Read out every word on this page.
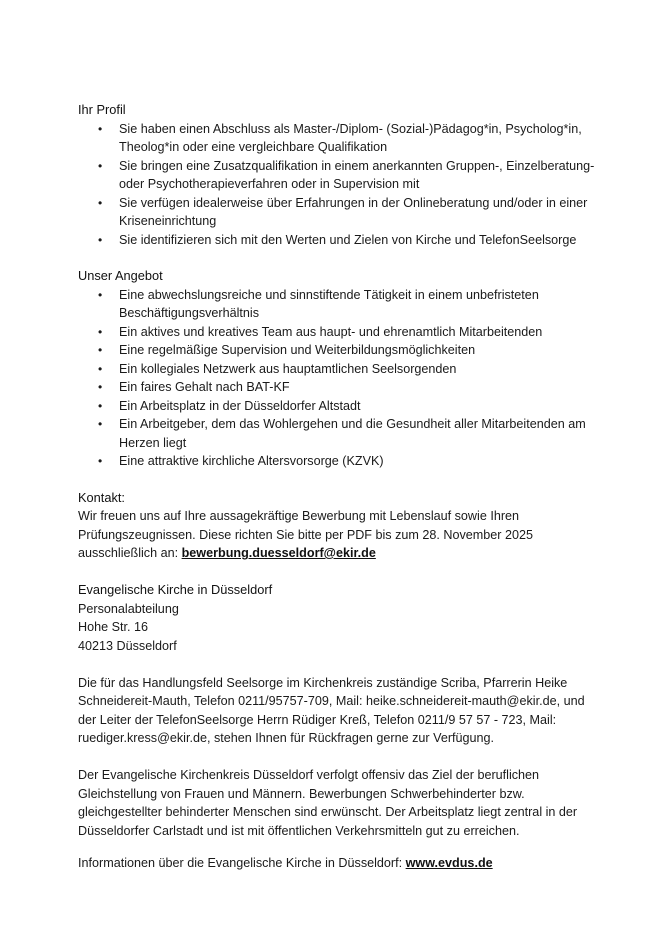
Ihr Profil
• Sie haben einen Abschluss als Master-/Diplom- (Sozial-)Pädagog*in, Psycholog*in, Theolog*in oder eine vergleichbare Qualifikation
• Sie bringen eine Zusatzqualifikation in einem anerkannten Gruppen-, Einzelberatung- oder Psychotherapieverfahren oder in Supervision mit
• Sie verfügen idealerweise über Erfahrungen in der Onlineberatung und/oder in einer Kriseneinrichtung
• Sie identifizieren sich mit den Werten und Zielen von Kirche und TelefonSeelsorge
Unser Angebot
• Eine abwechslungsreiche und sinnstiftende Tätigkeit in einem unbefristeten Beschäftigungsverhältnis
• Ein aktives und kreatives Team aus haupt- und ehrenamtlich Mitarbeitenden
• Eine regelmäßige Supervision und Weiterbildungsmöglichkeiten
• Ein kollegiales Netzwerk aus hauptamtlichen Seelsorgenden
• Ein faires Gehalt nach BAT-KF
• Ein Arbeitsplatz in der Düsseldorfer Altstadt
• Ein Arbeitgeber, dem das Wohlergehen und die Gesundheit aller Mitarbeitenden am Herzen liegt
• Eine attraktive kirchliche Altersvorsorge (KZVK)
Kontakt:

Wir freuen uns auf Ihre aussagekräftige Bewerbung mit Lebenslauf sowie Ihren Prüfungszeugnissen. Diese richten Sie bitte per PDF bis zum 28. November 2025 ausschließlich an: bewerbung.duesseldorf@ekir.de

Evangelische Kirche in Düsseldorf

Personalabteilung

Hohe Str. 16

40213 Düsseldorf

Die für das Handlungsfeld Seelsorge im Kirchenkreis zuständige Scriba, Pfarrerin Heike Schneidereit-Mauth, Telefon 0211/95757-709, Mail: heike.schneidereit-mauth@ekir.de, und der Leiter der TelefonSeelsorge Herrn Rüdiger Kreß, Telefon 0211/9 57 57 - 723, Mail: ruediger.kress@ekir.de, stehen Ihnen für Rückfragen gerne zur Verfügung.

Der Evangelische Kirchenkreis Düsseldorf verfolgt offensiv das Ziel der beruflichen Gleichstellung von Frauen und Männern. Bewerbungen Schwerbehinderter bzw. gleichgestellter behinderter Menschen sind erwünscht. Der Arbeitsplatz liegt zentral in der Düsseldorfer Carlstadt und ist mit öffentlichen Verkehrsmitteln gut zu erreichen.

Informationen über die Evangelische Kirche in Düsseldorf: www.evdus.de
